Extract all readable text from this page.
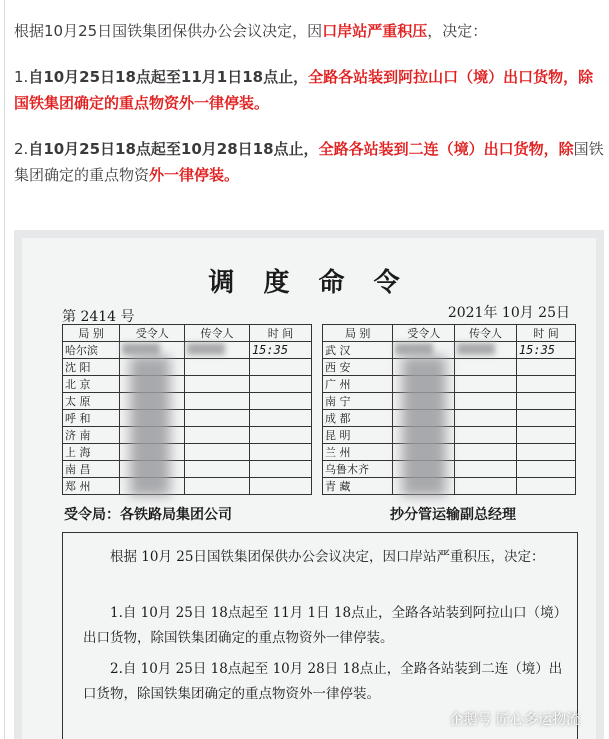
根据10月25日国铁集团保供办公会议决定，因口岸站严重积压，决定：
1.自10月25日18点起至11月1日18点止，全路各站装到阿拉山口（境）出口货物，除国铁集团确定的重点物资外一律停装。
2.自10月25日18点起至10月28日18点止，全路各站装到二连（境）出口货物，除国铁集团确定的重点物资外一律停装。
调 度 命 令
第 2414 号	2021年 10月 25日
局 别	受令人	传令人	时 间
哈尔滨			15:35
沈 阳			
北 京			
太 原			
呼 和			
济 南			
上 海			
南 昌			
郑 州			
局 别	受令人	传令人	时 间
武 汉			15:35
西 安			
广 州			
南 宁			
成 都			
昆 明			
兰 州			
乌鲁木齐			
青 藏			
受令局：各铁路局集团公司	抄分管运输副总经理
根据 10月 25日国铁集团保供办公会议决定，因口岸站严重积压，决定：
1.自 10月 25日 18点起至 11月 1日 18点止，全路各站装到阿拉山口（境）出口货物，除国铁集团确定的重点物资外一律停装。
2.自 10月 25日 18点起至 10月 28日 18点止，全路各站装到二连（境）出口货物，除国铁集团确定的重点物资外一律停装。
企鹅号 匠心多运物流
